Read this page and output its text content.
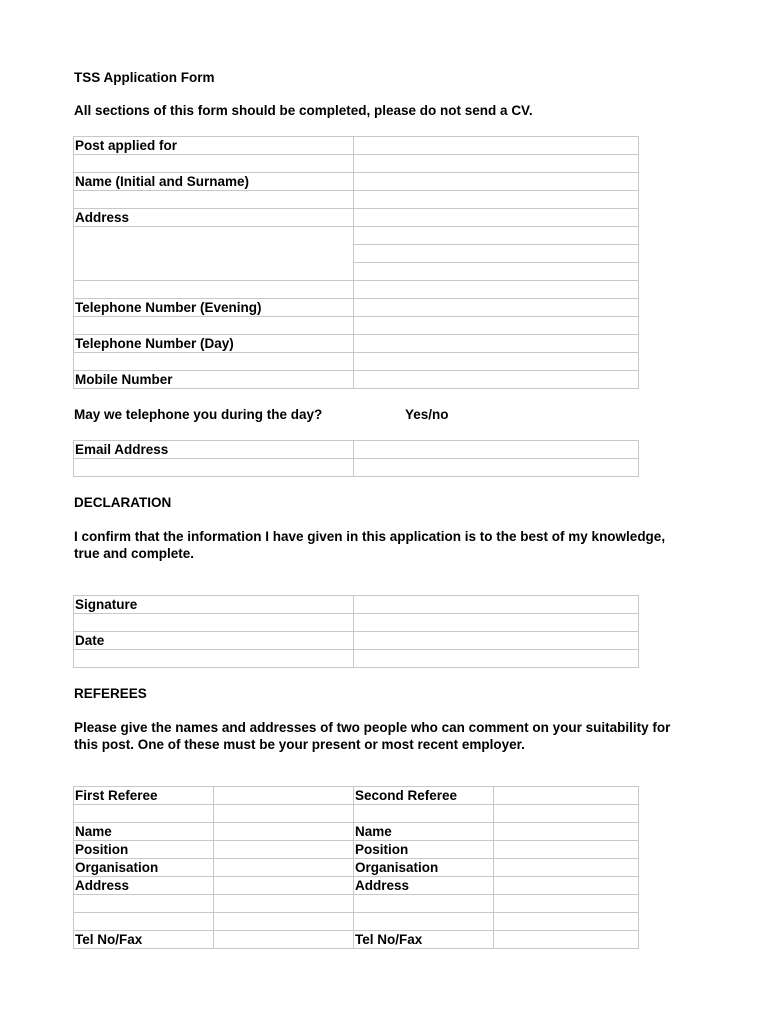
TSS Application Form
All sections of this form should be completed, please do not send a CV.
Post applied for	

Name (Initial and Surname)	

Address	

Telephone Number (Evening)	

Telephone Number (Day)	

Mobile Number	
May we telephone you during the day?	Yes/no
Email Address	

DECLARATION
I confirm that the information I have given in this application is to the best of my knowledge, true and complete.
Signature	

Date	

REFEREES
Please give the names and addresses of two people who can comment on your suitability for this post. One of these must be your present or most recent employer.
First Referee		Second Referee	

Name		Name	
Position		Position	
Organisation		Organisation	
Address		Address	

Tel No/Fax		Tel No/Fax	
